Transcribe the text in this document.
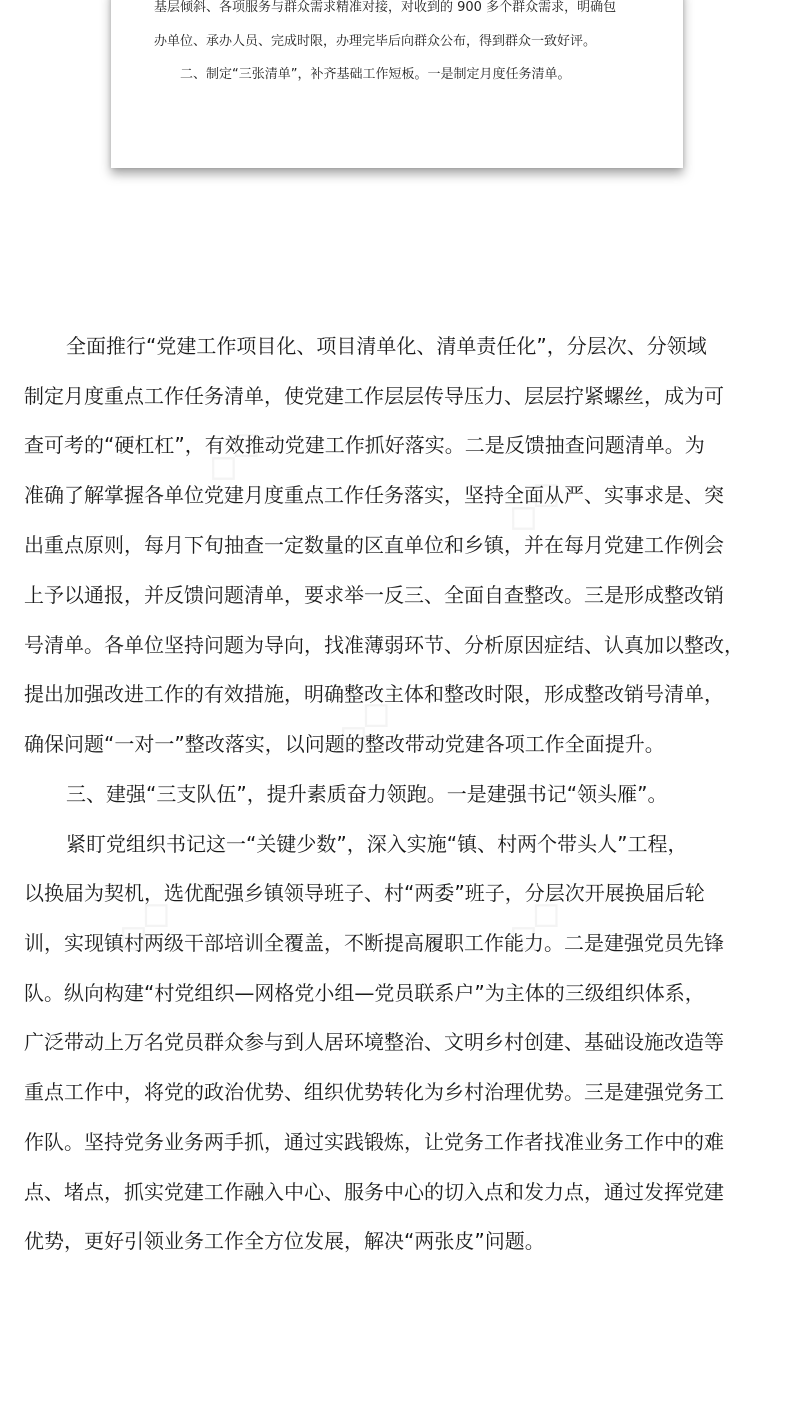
基层倾斜、各项服务与群众需求精准对接，对收到的 900 多个群众需求，明确包
办单位、承办人员、完成时限，办理完毕后向群众公布，得到群众一致好评。
二、制定“三张清单”，补齐基础工作短板。一是制定月度任务清单。
全面推行“党建工作项目化、项目清单化、清单责任化”，分层次、分领域
制定月度重点工作任务清单，使党建工作层层传导压力、层层拧紧螺丝，成为可
查可考的“硬杠杠”，有效推动党建工作抓好落实。二是反馈抽查问题清单。为
准确了解掌握各单位党建月度重点工作任务落实，坚持全面从严、实事求是、突
出重点原则，每月下旬抽查一定数量的区直单位和乡镇，并在每月党建工作例会
上予以通报，并反馈问题清单，要求举一反三、全面自查整改。三是形成整改销
号清单。各单位坚持问题为导向，找准薄弱环节、分析原因症结、认真加以整改，
提出加强改进工作的有效措施，明确整改主体和整改时限，形成整改销号清单，
确保问题“一对一”整改落实，以问题的整改带动党建各项工作全面提升。
三、建强“三支队伍”，提升素质奋力领跑。一是建强书记“领头雁”。
紧盯党组织书记这一“关键少数”，深入实施“镇、村两个带头人”工程，
以换届为契机，选优配强乡镇领导班子、村“两委”班子，分层次开展换届后轮
训，实现镇村两级干部培训全覆盖，不断提高履职工作能力。二是建强党员先锋
队。纵向构建“村党组织—网格党小组—党员联系户”为主体的三级组织体系，
广泛带动上万名党员群众参与到人居环境整治、文明乡村创建、基础设施改造等
重点工作中，将党的政治优势、组织优势转化为乡村治理优势。三是建强党务工
作队。坚持党务业务两手抓，通过实践锻炼，让党务工作者找准业务工作中的难
点、堵点，抓实党建工作融入中心、服务中心的切入点和发力点，通过发挥党建
优势，更好引领业务工作全方位发展，解决“两张皮”问题。
◇◇
◇◇
◇◇
◇◇	◇◇
